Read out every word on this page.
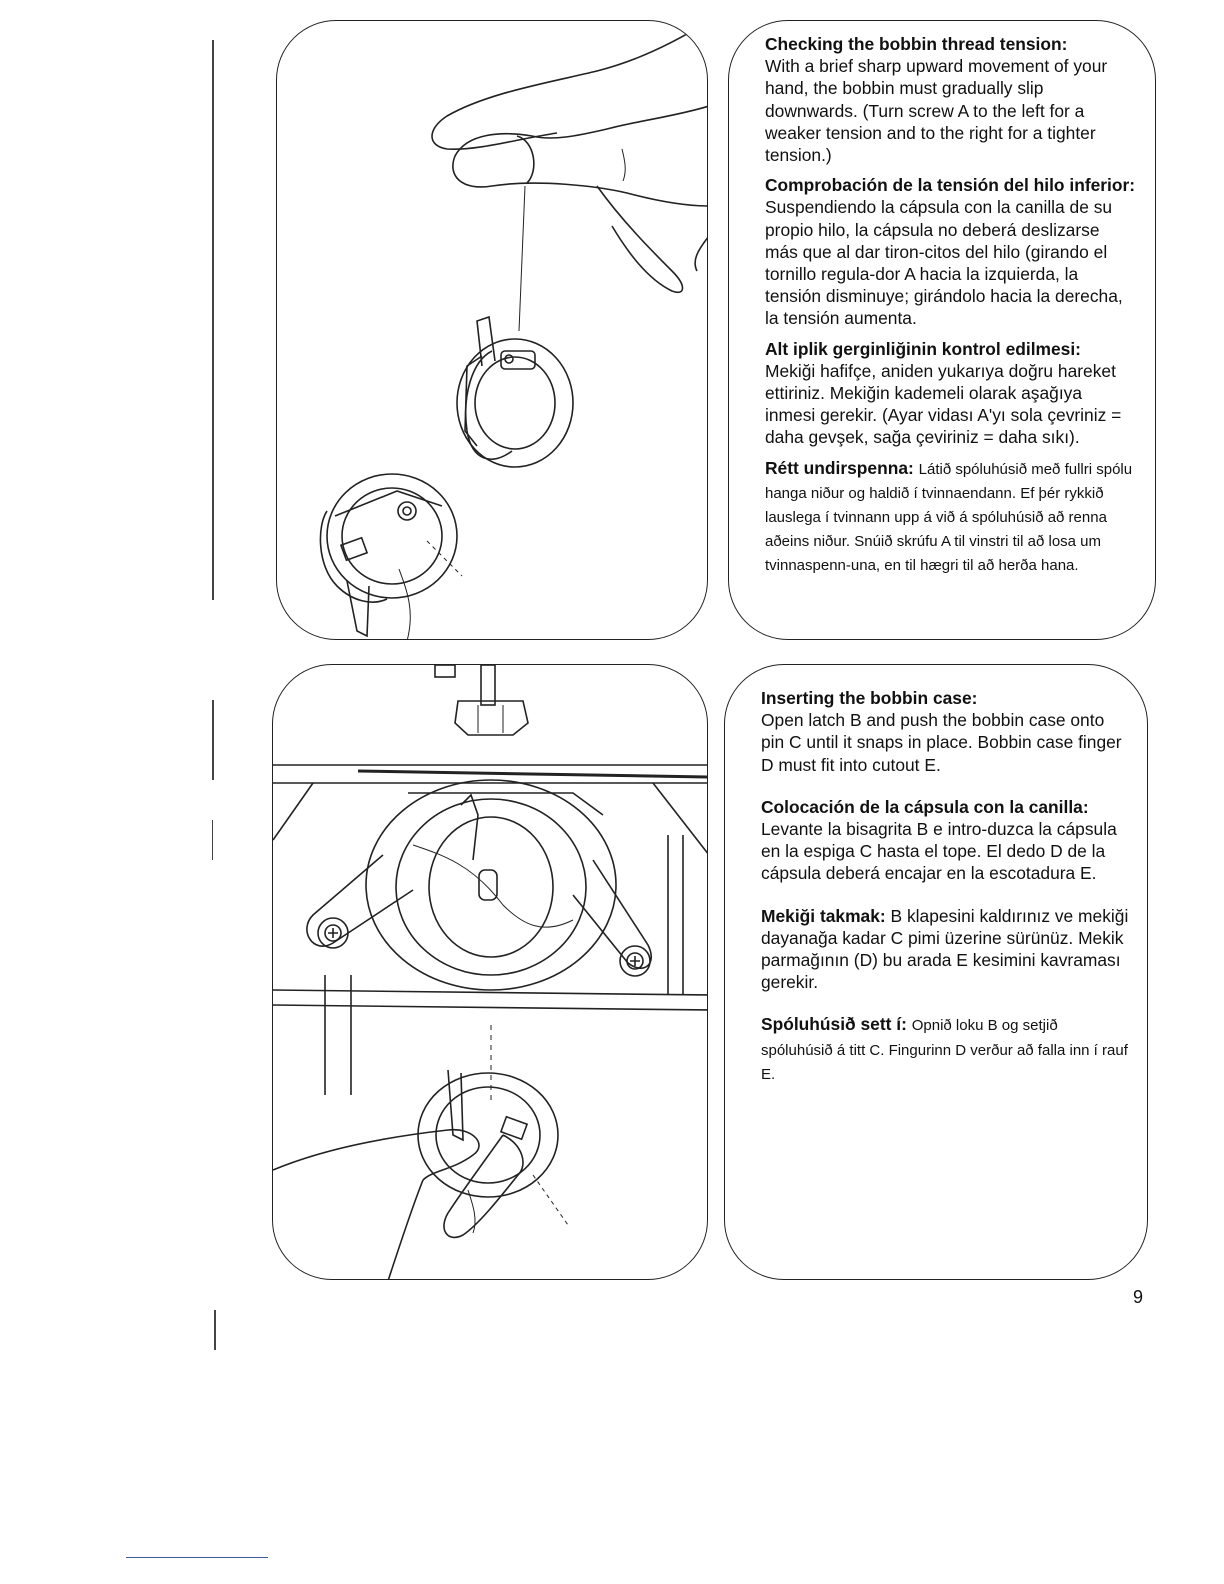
Checking the bobbin thread tension:
With a brief sharp upward movement of your hand, the bobbin must gradually slip downwards. (Turn screw A to the left for a weaker tension and to the right for a tighter tension.)
Comprobación de la tensión del hilo inferior: Suspendiendo la cápsula con la canilla de su propio hilo, la cápsula no deberá deslizarse más que al dar tiron-citos del hilo (girando el tornillo regula-dor A hacia la izquierda, la tensión disminuye; girándolo hacia la derecha, la tensión aumenta.
Alt iplik gerginliğinin kontrol edilmesi:
Mekiği hafifçe, aniden yukarıya doğru hareket ettiriniz. Mekiğin kademeli olarak aşağıya inmesi gerekir. (Ayar vidası A'yı sola çevriniz = daha gevşek, sağa çeviriniz = daha sıkı).
Rétt undirspenna: Látið spóluhúsið með fullri spólu hanga niður og haldið í tvinnaendann. Ef þér rykkið lauslega í tvinnann upp á við á spóluhúsið að renna aðeins niður. Snúið skrúfu A til vinstri til að losa um tvinnaspenn-una, en til hægri til að herða hana.
Inserting the bobbin case:
Open latch B and push the bobbin case onto pin C until it snaps in place. Bobbin case finger D must fit into cutout E.
Colocación de la cápsula con la canilla: Levante la bisagrita B e intro-duzca la cápsula en la espiga C hasta el tope. El dedo D de la cápsula deberá encajar en la escotadura E.
Mekiği takmak: B klapesini kaldırınız ve mekiği dayanağa kadar C pimi üzerine sürünüz. Mekik parmağının (D) bu arada E kesimini kavraması gerekir.
Spóluhúsið sett í: Opnið loku B og setjið spóluhúsið á titt C. Fingurinn D verður að falla inn í rauf E.
9
